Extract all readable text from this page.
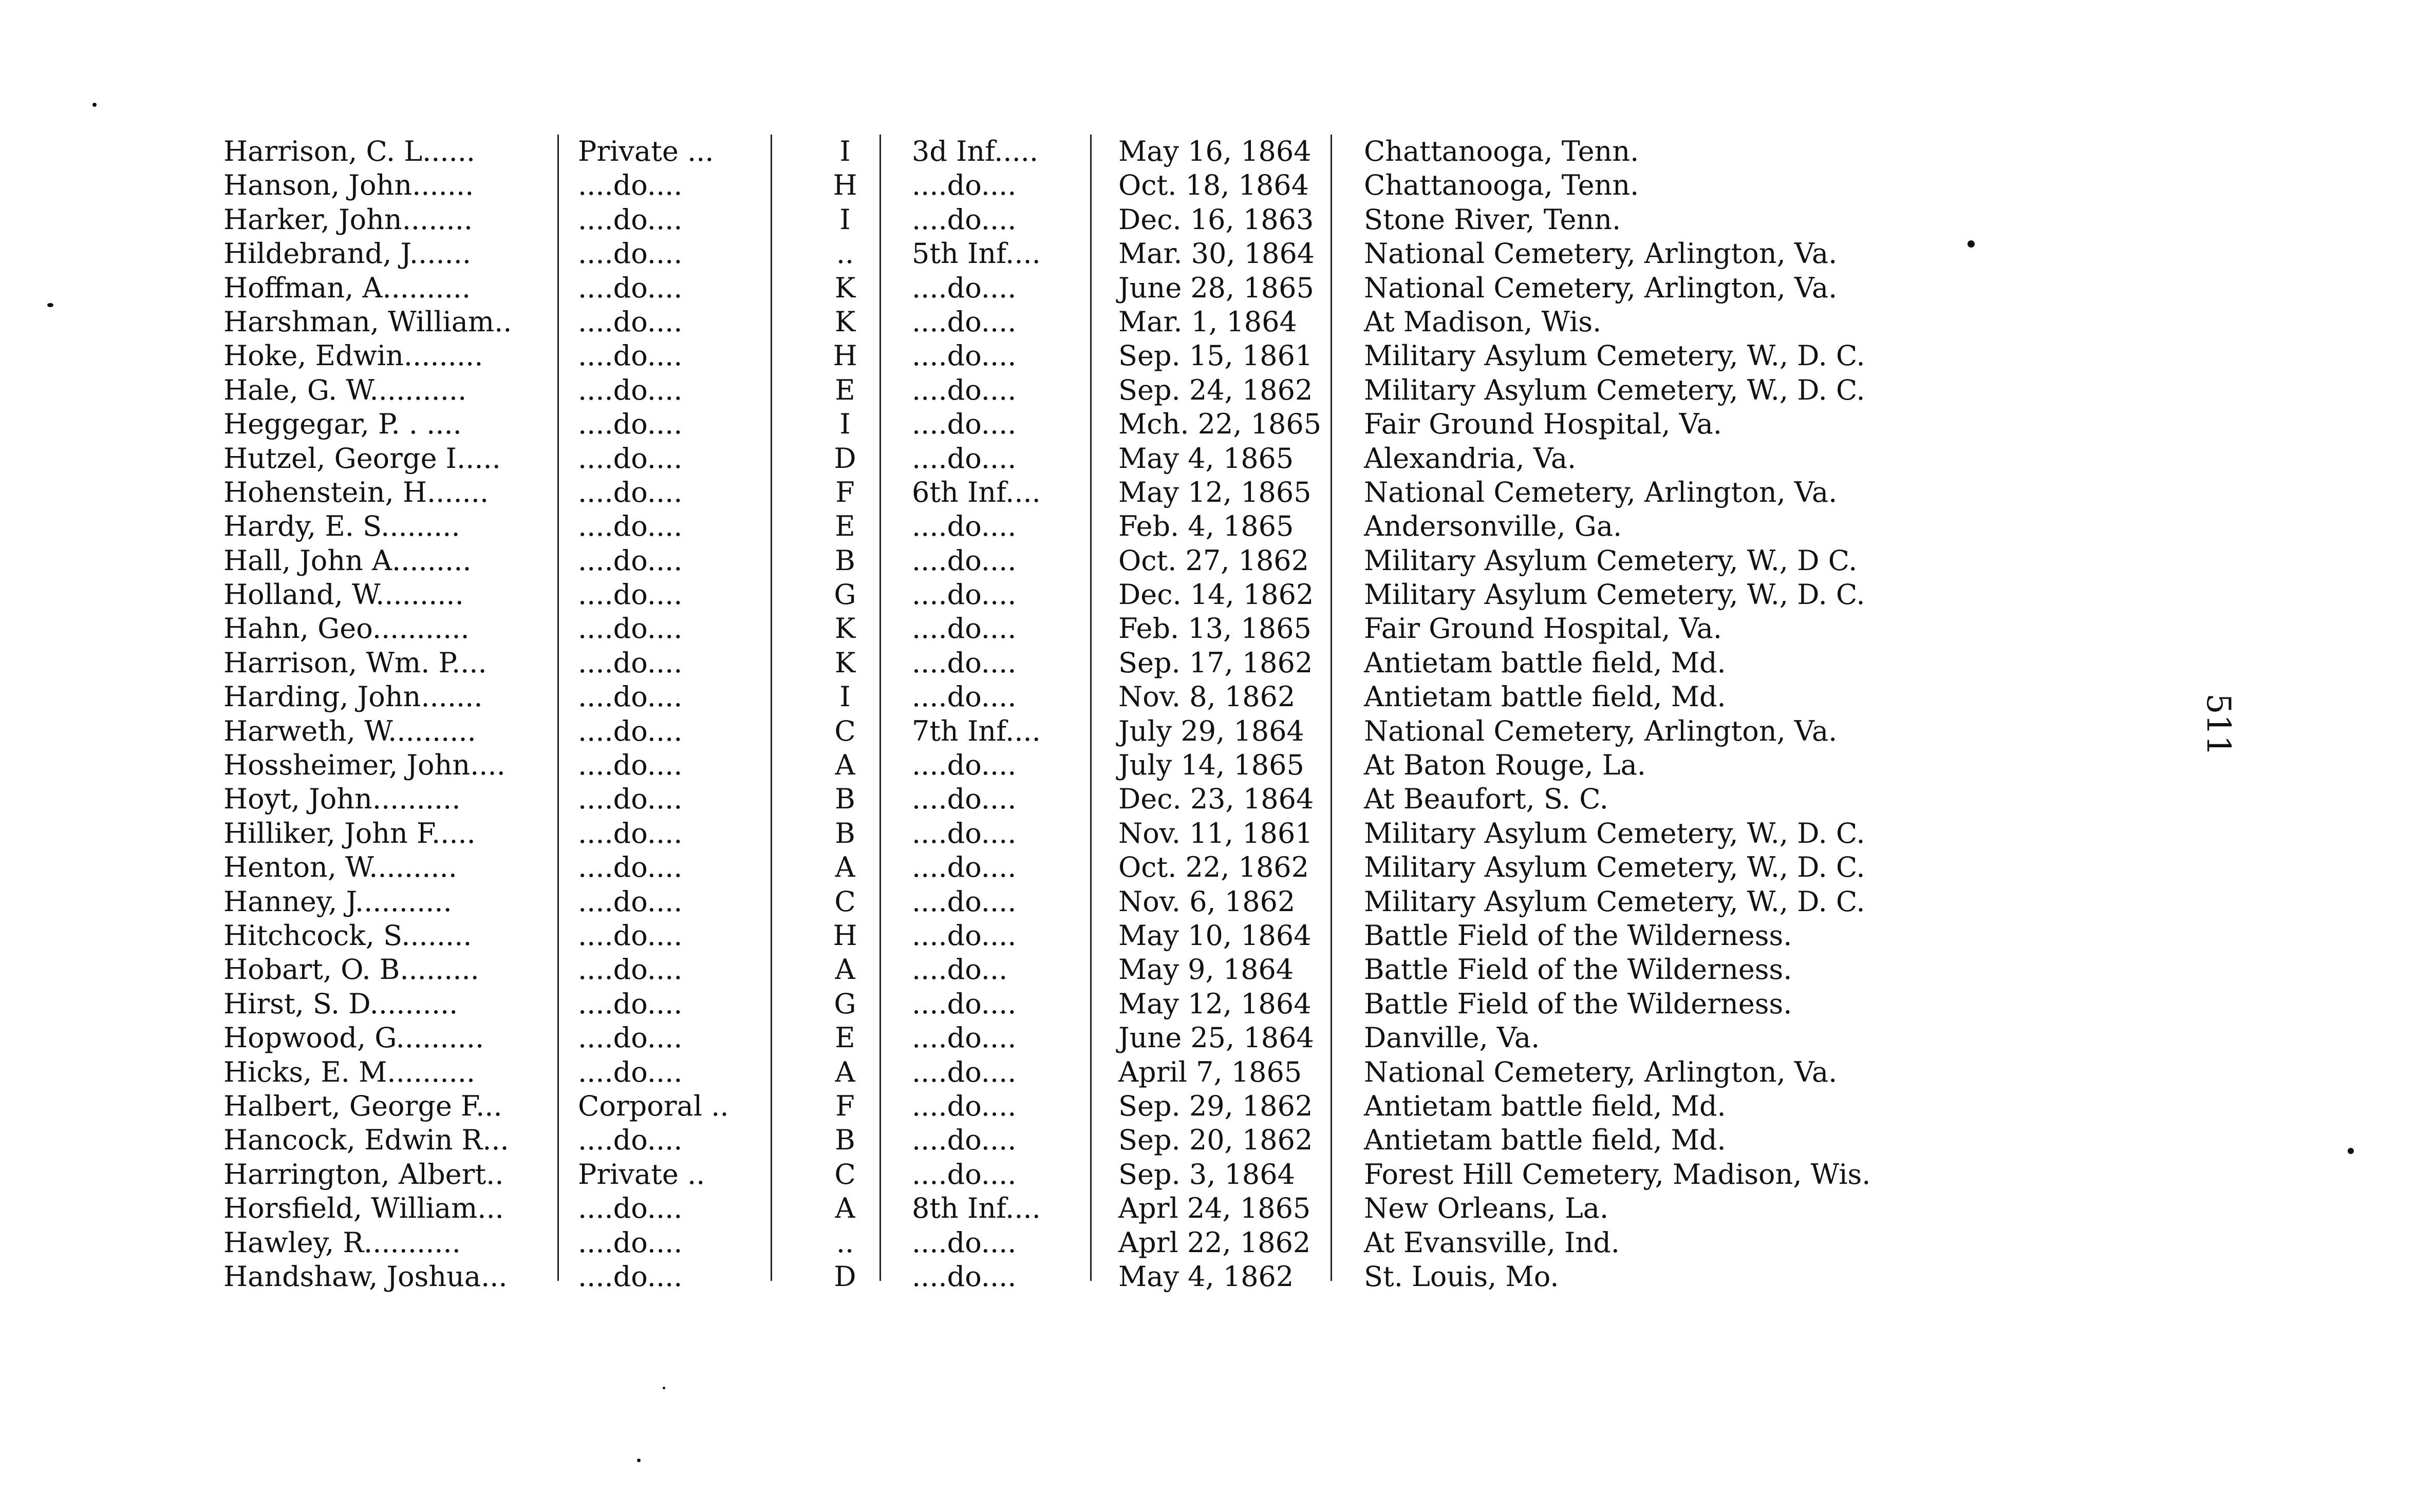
Harrison, C. L......	Private ...	I	3d Inf.....	May 16, 1864	Chattanooga, Tenn.
Hanson, John.......	....do....	H	....do....	Oct. 18, 1864	Chattanooga, Tenn.
Harker, John........	....do....	I	....do....	Dec. 16, 1863	Stone River, Tenn.
Hildebrand, J.......	....do....	..	5th Inf....	Mar. 30, 1864	National Cemetery, Arlington, Va.
Hoffman, A..........	....do....	K	....do....	June 28, 1865	National Cemetery, Arlington, Va.
Harshman, William..	....do....	K	....do....	Mar. 1, 1864	At Madison, Wis.
Hoke, Edwin.........	....do....	H	....do....	Sep. 15, 1861	Military Asylum Cemetery, W., D. C.
Hale, G. W...........	....do....	E	....do....	Sep. 24, 1862	Military Asylum Cemetery, W., D. C.
Heggegar, P. . ....	....do....	I	....do....	Mch. 22, 1865	Fair Ground Hospital, Va.
Hutzel, George I.....	....do....	D	....do....	May 4, 1865	Alexandria, Va.
Hohenstein, H.......	....do....	F	6th Inf....	May 12, 1865	National Cemetery, Arlington, Va.
Hardy, E. S.........	....do....	E	....do....	Feb. 4, 1865	Andersonville, Ga.
Hall, John A.........	....do....	B	....do....	Oct. 27, 1862	Military Asylum Cemetery, W., D C.
Holland, W..........	....do....	G	....do....	Dec. 14, 1862	Military Asylum Cemetery, W., D. C.
Hahn, Geo...........	....do....	K	....do....	Feb. 13, 1865	Fair Ground Hospital, Va.
Harrison, Wm. P....	....do....	K	....do....	Sep. 17, 1862	Antietam battle field, Md.
Harding, John.......	....do....	I	....do....	Nov. 8, 1862	Antietam battle field, Md.
Harweth, W..........	....do....	C	7th Inf....	July 29, 1864	National Cemetery, Arlington, Va.
Hossheimer, John....	....do....	A	....do....	July 14, 1865	At Baton Rouge, La.
Hoyt, John..........	....do....	B	....do....	Dec. 23, 1864	At Beaufort, S. C.
Hilliker, John F.....	....do....	B	....do....	Nov. 11, 1861	Military Asylum Cemetery, W., D. C.
Henton, W..........	....do....	A	....do....	Oct. 22, 1862	Military Asylum Cemetery, W., D. C.
Hanney, J...........	....do....	C	....do....	Nov. 6, 1862	Military Asylum Cemetery, W., D. C.
Hitchcock, S........	....do....	H	....do....	May 10, 1864	Battle Field of the Wilderness.
Hobart, O. B.........	....do....	A	....do...	May 9, 1864	Battle Field of the Wilderness.
Hirst, S. D..........	....do....	G	....do....	May 12, 1864	Battle Field of the Wilderness.
Hopwood, G..........	....do....	E	....do....	June 25, 1864	Danville, Va.
Hicks, E. M..........	....do....	A	....do....	April 7, 1865	National Cemetery, Arlington, Va.
Halbert, George F...	Corporal ..	F	....do....	Sep. 29, 1862	Antietam battle field, Md.
Hancock, Edwin R...	....do....	B	....do....	Sep. 20, 1862	Antietam battle field, Md.
Harrington, Albert..	Private ..	C	....do....	Sep. 3, 1864	Forest Hill Cemetery, Madison, Wis.
Horsfield, William...	....do....	A	8th Inf....	Aprl 24, 1865	New Orleans, La.
Hawley, R...........	....do....	..	....do....	Aprl 22, 1862	At Evansville, Ind.
Handshaw, Joshua...	....do....	D	....do....	May 4, 1862	St. Louis, Mo.
511
